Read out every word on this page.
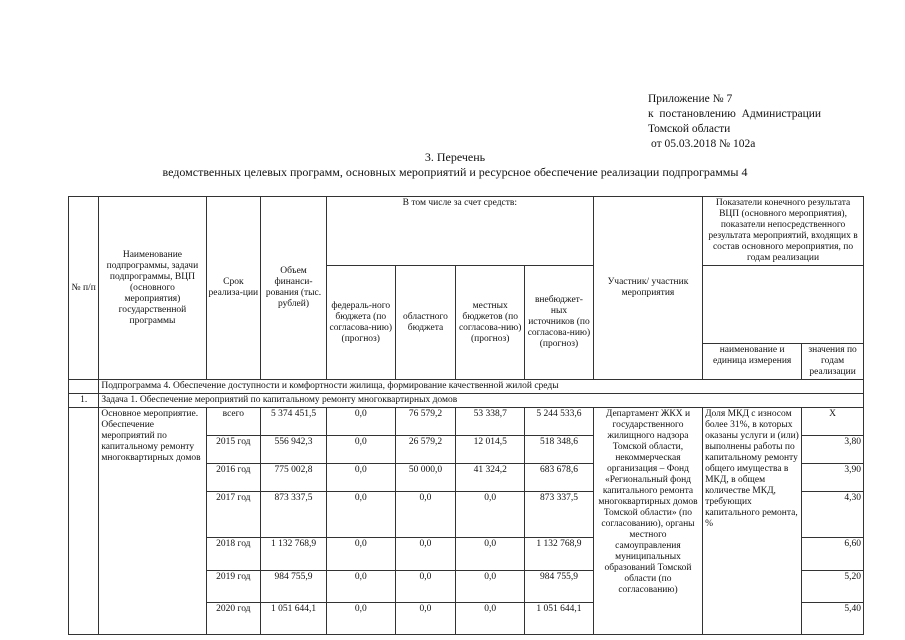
Приложение № 7
к  постановлению  Администрации
Томской области
от 05.03.2018 № 102а
3. Перечень
ведомственных целевых программ, основных мероприятий и ресурсное обеспечение реализации подпрограммы 4
№ п/п	Наименование подпрограммы, задачи подпрограммы, ВЦП (основного мероприятия) государственной программы	Срок реализа-ции	Объем финанси-рования (тыс. рублей)	В том числе за счет средств:				Участник/ участник мероприятия	Показатели конечного результата ВЦП (основного мероприятия), показатели непосредственного результата мероприятий, входящих в состав основного мероприятия, по годам реализации	
				федераль-ного бюджета (по согласова-нию) (прогноз)	областного бюджета	местных бюджетов (по согласова-нию) (прогноз)	внебюджет-ных источников (по согласова-нию) (прогноз)			
									наименование и единица измерения	значения по годам реализации
	Подпрограмма 4. Обеспечение доступности и комфортности жилища, формирование качественной жилой среды									
1.	Задача 1. Обеспечение мероприятий по капитальному ремонту многоквартирных домов									
	Основное мероприятие. Обеспечение мероприятий по капитальному ремонту многоквартирных домов	всего	5 374 451,5	0,0	76 579,2	53 338,7	5 244 533,6	Департамент ЖКХ и государственного жилищного надзора Томской области, некоммерческая организация – Фонд «Региональный фонд капитального ремонта многоквартирных домов Томской области» (по согласованию), органы местного самоуправления муниципальных образований Томской области (по согласованию)	Доля МКД с износом более 31%, в которых оказаны услуги и (или) выполнены работы по капитальному ремонту общего имущества в МКД, в общем количестве МКД, требующих капитального ремонта, %	X
		2015 год	556 942,3	0,0	26 579,2	12 014,5	518 348,6			3,80
		2016 год	775 002,8	0,0	50 000,0	41 324,2	683 678,6			3,90
		2017 год	873 337,5	0,0	0,0	0,0	873 337,5			4,30
		2018 год	1 132 768,9	0,0	0,0	0,0	1 132 768,9			6,60
		2019 год	984 755,9	0,0	0,0	0,0	984 755,9			5,20
		2020 год	1 051 644,1	0,0	0,0	0,0	1 051 644,1			5,40
